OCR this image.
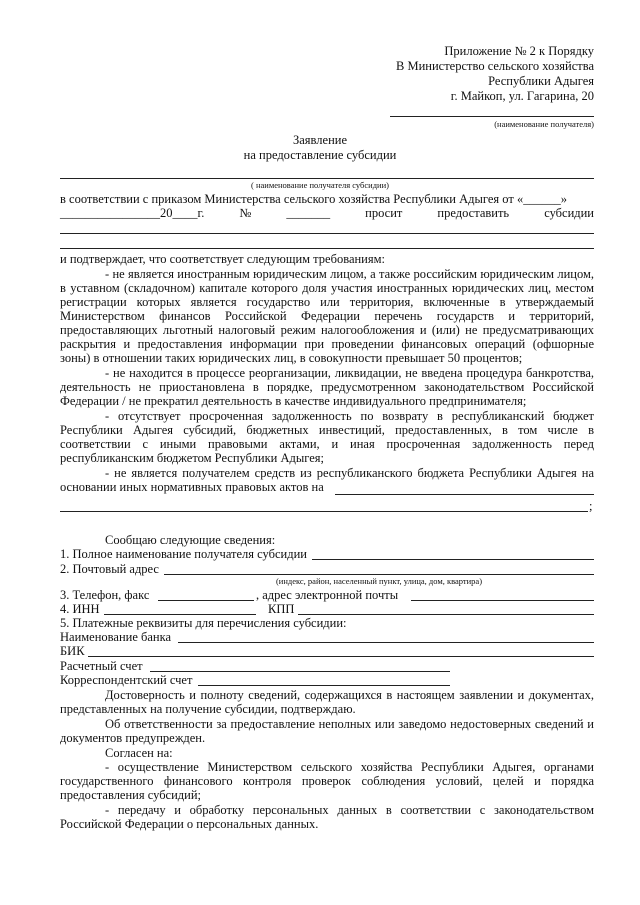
Приложение № 2 к Порядку
В Министерство сельского хозяйства
Республики Адыгея
г. Майкоп, ул. Гагарина, 20
(наименование получателя)
Заявление
на предоставление субсидии
( наименование получателя субсидии)
в соответствии с приказом Министерства сельского хозяйства Республики Адыгея от «______»
________________20____г.	№	_______	просит	предоставить	субсидии
и подтверждает, что соответствует следующим требованиям:
- не является иностранным юридическим лицом, а также российским юридическим лицом,
в уставном (складочном) капитале которого доля участия иностранных юридических лиц, местом
регистрации которых является государство или территория, включенные в утверждаемый
Министерством финансов Российской Федерации перечень государств и территорий,
предоставляющих льготный налоговый режим налогообложения и (или) не предусматривающих
раскрытия и предоставления информации при проведении финансовых операций (офшорные
зоны) в отношении таких юридических лиц, в совокупности превышает 50 процентов;
- не находится в процессе реорганизации, ликвидации, не введена процедура банкротства,
деятельность не приостановлена в порядке, предусмотренном законодательством Российской
Федерации / не прекратил деятельность в качестве индивидуального предпринимателя;
- отсутствует просроченная задолженность по возврату в республиканский бюджет
Республики Адыгея субсидий, бюджетных инвестиций, предоставленных, в том числе в
соответствии с иными правовыми актами, и иная просроченная задолженность перед
республиканским бюджетом Республики Адыгея;
- не является получателем средств из республиканского бюджета Республики Адыгея на
основании иных нормативных правовых актов на
;
Сообщаю следующие сведения:
1. Полное наименование получателя субсидии
2. Почтовый адрес
(индекс, район, населенный пункт, улица, дом, квартира)
3. Телефон, факс	, адрес электронной почты
4. ИНН	КПП
5. Платежные реквизиты для перечисления субсидии:
Наименование банка
БИК
Расчетный счет
Корреспондентский счет
Достоверность и полноту сведений, содержащихся в настоящем заявлении и документах,
представленных на получение субсидии, подтверждаю.
Об ответственности за предоставление неполных или заведомо недостоверных сведений и
документов предупрежден.
Согласен на:
- осуществление Министерством сельского хозяйства Республики Адыгея, органами
государственного финансового контроля проверок соблюдения условий, целей и порядка
предоставления субсидий;
- передачу и обработку персональных данных в соответствии с законодательством
Российской Федерации о персональных данных.
